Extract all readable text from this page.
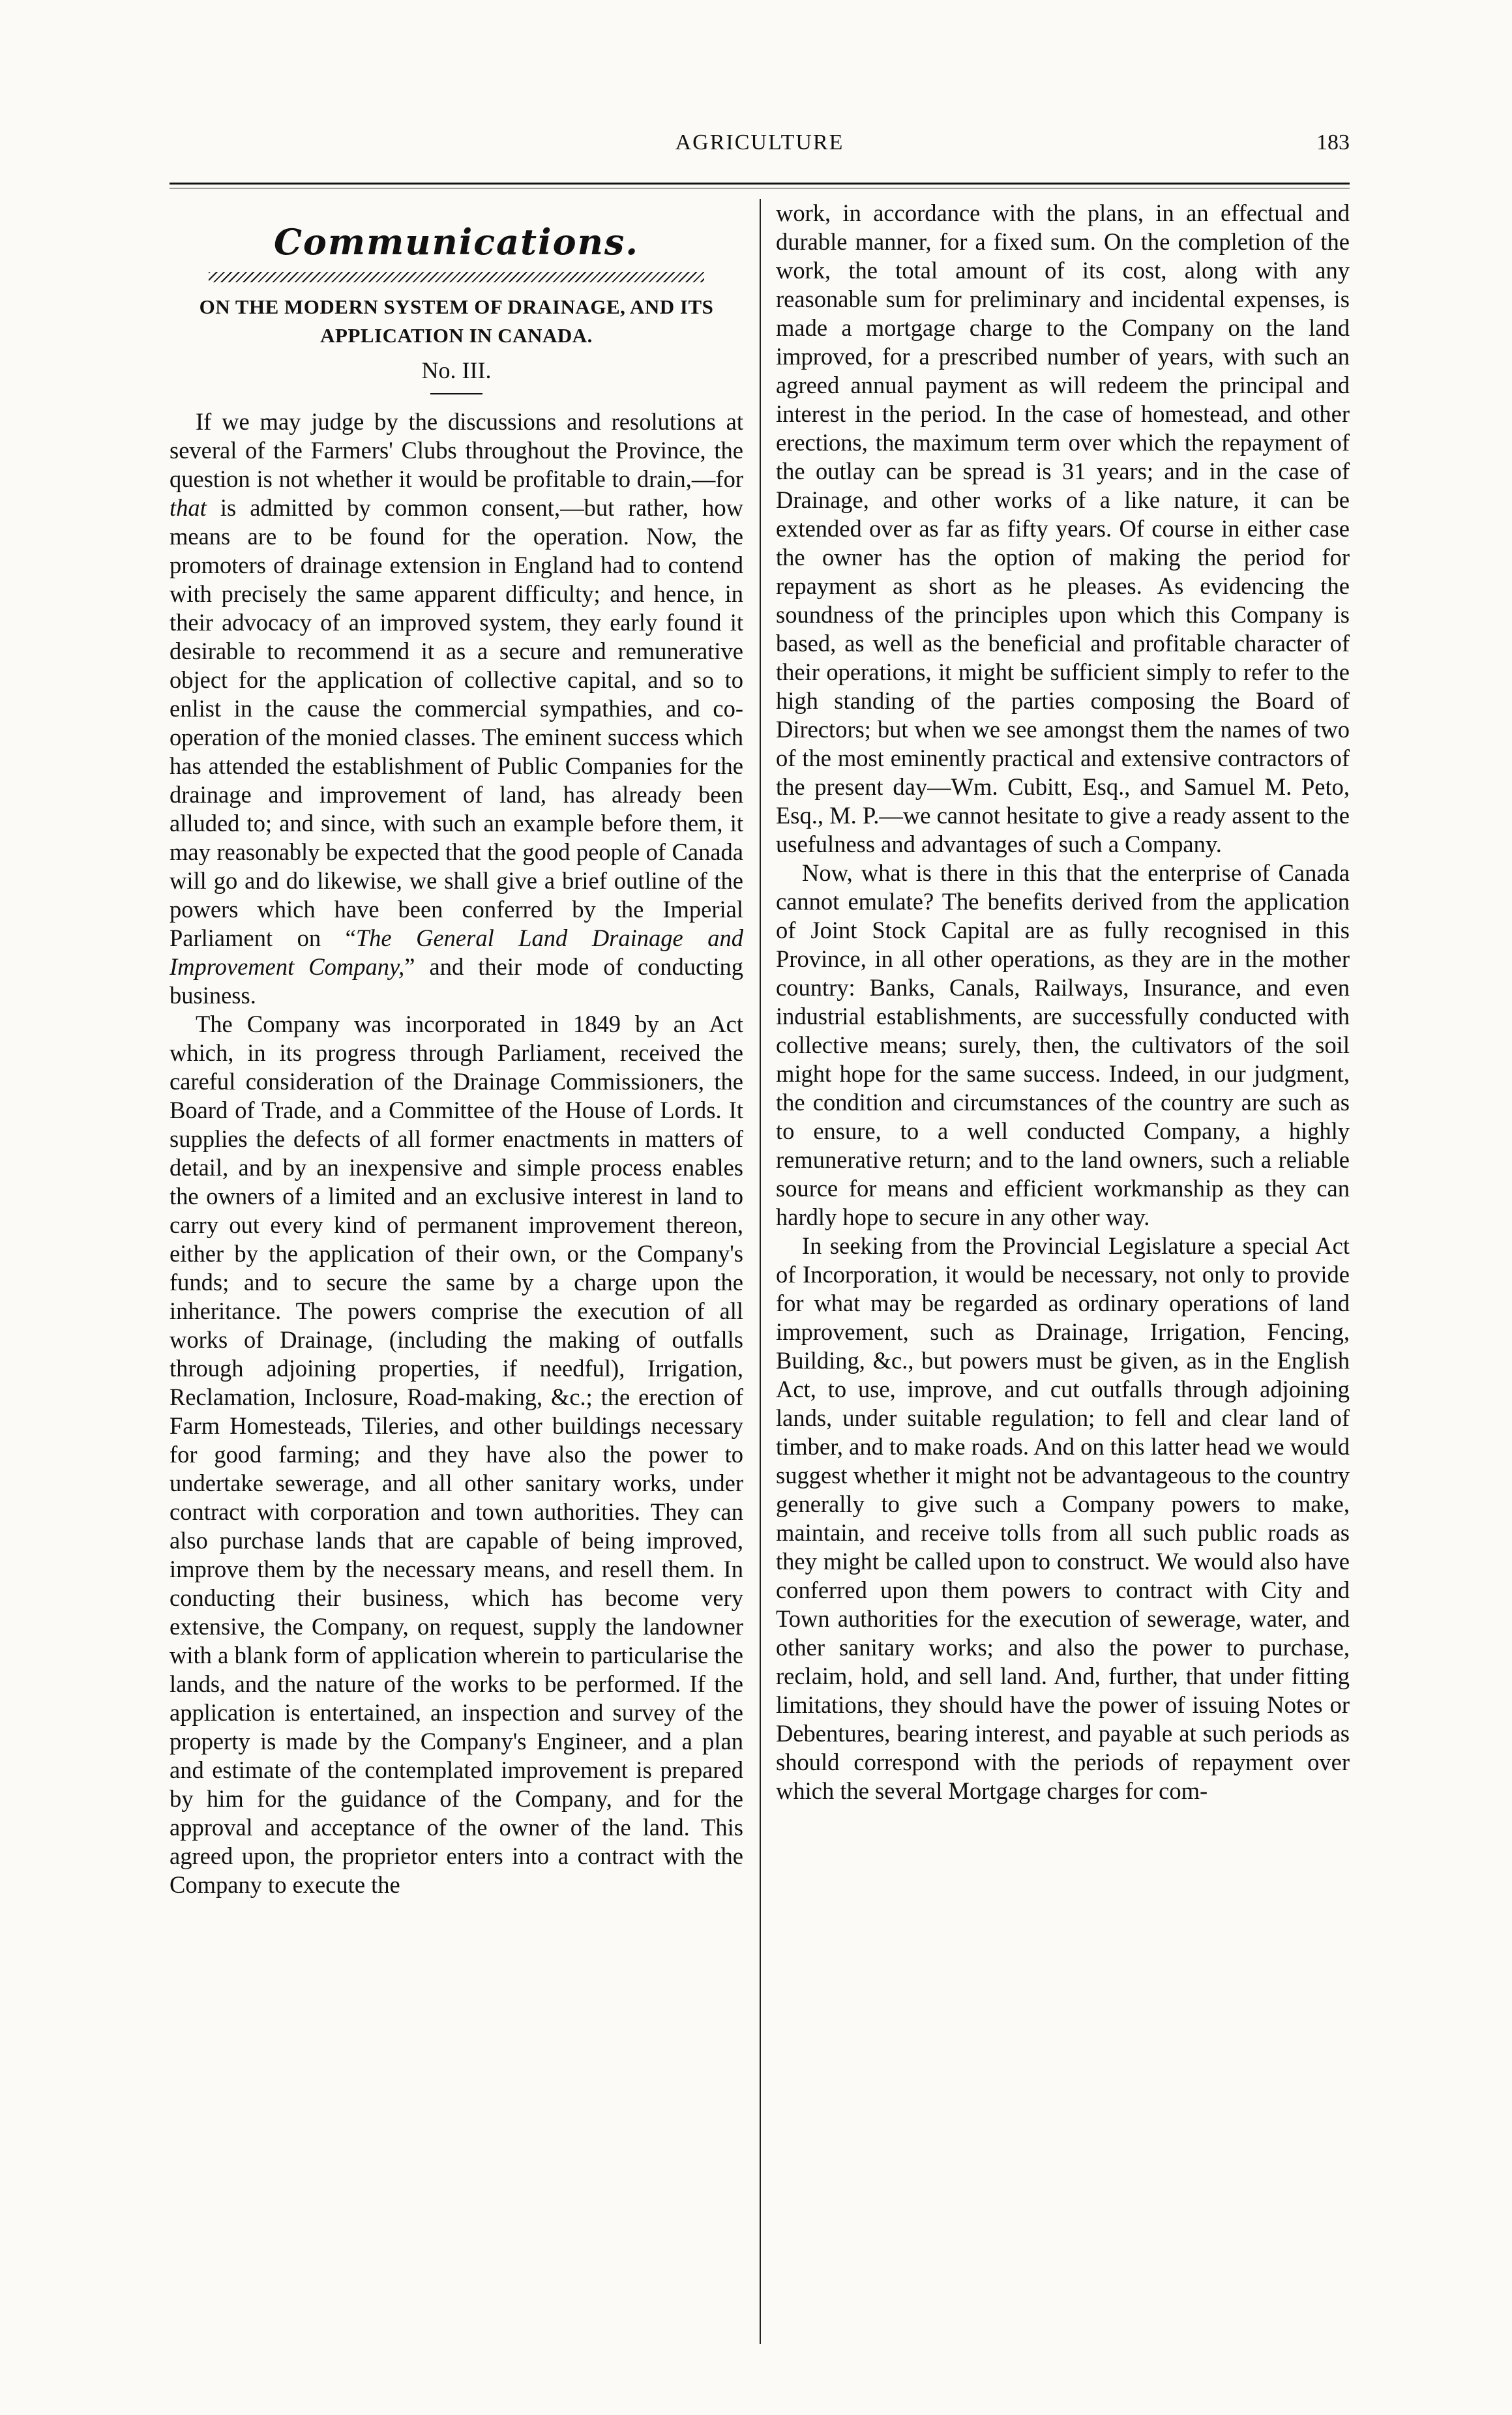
AGRICULTURE	183
Communications.
ON THE MODERN SYSTEM OF DRAINAGE, AND ITS APPLICATION IN CANADA.
No. III.

If we may judge by the discussions and resolutions at several of the Farmers' Clubs throughout the Province, the question is not whether it would be profitable to drain,—for that is admitted by common consent,—but rather, how means are to be found for the operation. Now, the promoters of drainage extension in England had to contend with precisely the same apparent difficulty; and hence, in their advocacy of an improved system, they early found it desirable to recommend it as a secure and remunerative object for the application of collective capital, and so to enlist in the cause the commercial sympathies, and co-operation of the monied classes. The eminent success which has attended the establishment of Public Companies for the drainage and improvement of land, has already been alluded to; and since, with such an example before them, it may reasonably be expected that the good people of Canada will go and do likewise, we shall give a brief outline of the powers which have been conferred by the Imperial Parliament on “The General Land Drainage and Improvement Company,” and their mode of conducting business.

The Company was incorporated in 1849 by an Act which, in its progress through Parliament, received the careful consideration of the Drainage Commissioners, the Board of Trade, and a Committee of the House of Lords. It supplies the defects of all former enactments in matters of detail, and by an inexpensive and simple process enables the owners of a limited and an exclusive interest in land to carry out every kind of permanent improvement thereon, either by the application of their own, or the Company's funds; and to secure the same by a charge upon the inheritance. The powers comprise the execution of all works of Drainage, (including the making of outfalls through adjoining properties, if needful), Irrigation, Reclamation, Inclosure, Road-making, &c.; the erection of Farm Homesteads, Tileries, and other buildings necessary for good farming; and they have also the power to undertake sewerage, and all other sanitary works, under contract with corporation and town authorities. They can also purchase lands that are capable of being improved, improve them by the necessary means, and resell them. In conducting their business, which has become very extensive, the Company, on request, supply the landowner with a blank form of application wherein to particularise the lands, and the nature of the works to be performed. If the application is entertained, an inspection and survey of the property is made by the Company's Engineer, and a plan and estimate of the contemplated improvement is prepared by him for the guidance of the Company, and for the approval and acceptance of the owner of the land. This agreed upon, the proprietor enters into a contract with the Company to execute the

work, in accordance with the plans, in an effectual and durable manner, for a fixed sum. On the completion of the work, the total amount of its cost, along with any reasonable sum for preliminary and incidental expenses, is made a mortgage charge to the Company on the land improved, for a prescribed number of years, with such an agreed annual payment as will redeem the principal and interest in the period. In the case of homestead, and other erections, the maximum term over which the repayment of the outlay can be spread is 31 years; and in the case of Drainage, and other works of a like nature, it can be extended over as far as fifty years. Of course in either case the owner has the option of making the period for repayment as short as he pleases. As evidencing the soundness of the principles upon which this Company is based, as well as the beneficial and profitable character of their operations, it might be sufficient simply to refer to the high standing of the parties composing the Board of Directors; but when we see amongst them the names of two of the most eminently practical and extensive contractors of the present day—Wm. Cubitt, Esq., and Samuel M. Peto, Esq., M. P.—we cannot hesitate to give a ready assent to the usefulness and advantages of such a Company.

Now, what is there in this that the enterprise of Canada cannot emulate? The benefits derived from the application of Joint Stock Capital are as fully recognised in this Province, in all other operations, as they are in the mother country: Banks, Canals, Railways, Insurance, and even industrial establishments, are successfully conducted with collective means; surely, then, the cultivators of the soil might hope for the same success. Indeed, in our judgment, the condition and circumstances of the country are such as to ensure, to a well conducted Company, a highly remunerative return; and to the land owners, such a reliable source for means and efficient workmanship as they can hardly hope to secure in any other way.

In seeking from the Provincial Legislature a special Act of Incorporation, it would be necessary, not only to provide for what may be regarded as ordinary operations of land improvement, such as Drainage, Irrigation, Fencing, Building, &c., but powers must be given, as in the English Act, to use, improve, and cut outfalls through adjoining lands, under suitable regulation; to fell and clear land of timber, and to make roads. And on this latter head we would suggest whether it might not be advantageous to the country generally to give such a Company powers to make, maintain, and receive tolls from all such public roads as they might be called upon to construct. We would also have conferred upon them powers to contract with City and Town authorities for the execution of sewerage, water, and other sanitary works; and also the power to purchase, reclaim, hold, and sell land. And, further, that under fitting limitations, they should have the power of issuing Notes or Debentures, bearing interest, and payable at such periods as should correspond with the periods of repayment over which the several Mortgage charges for com-
